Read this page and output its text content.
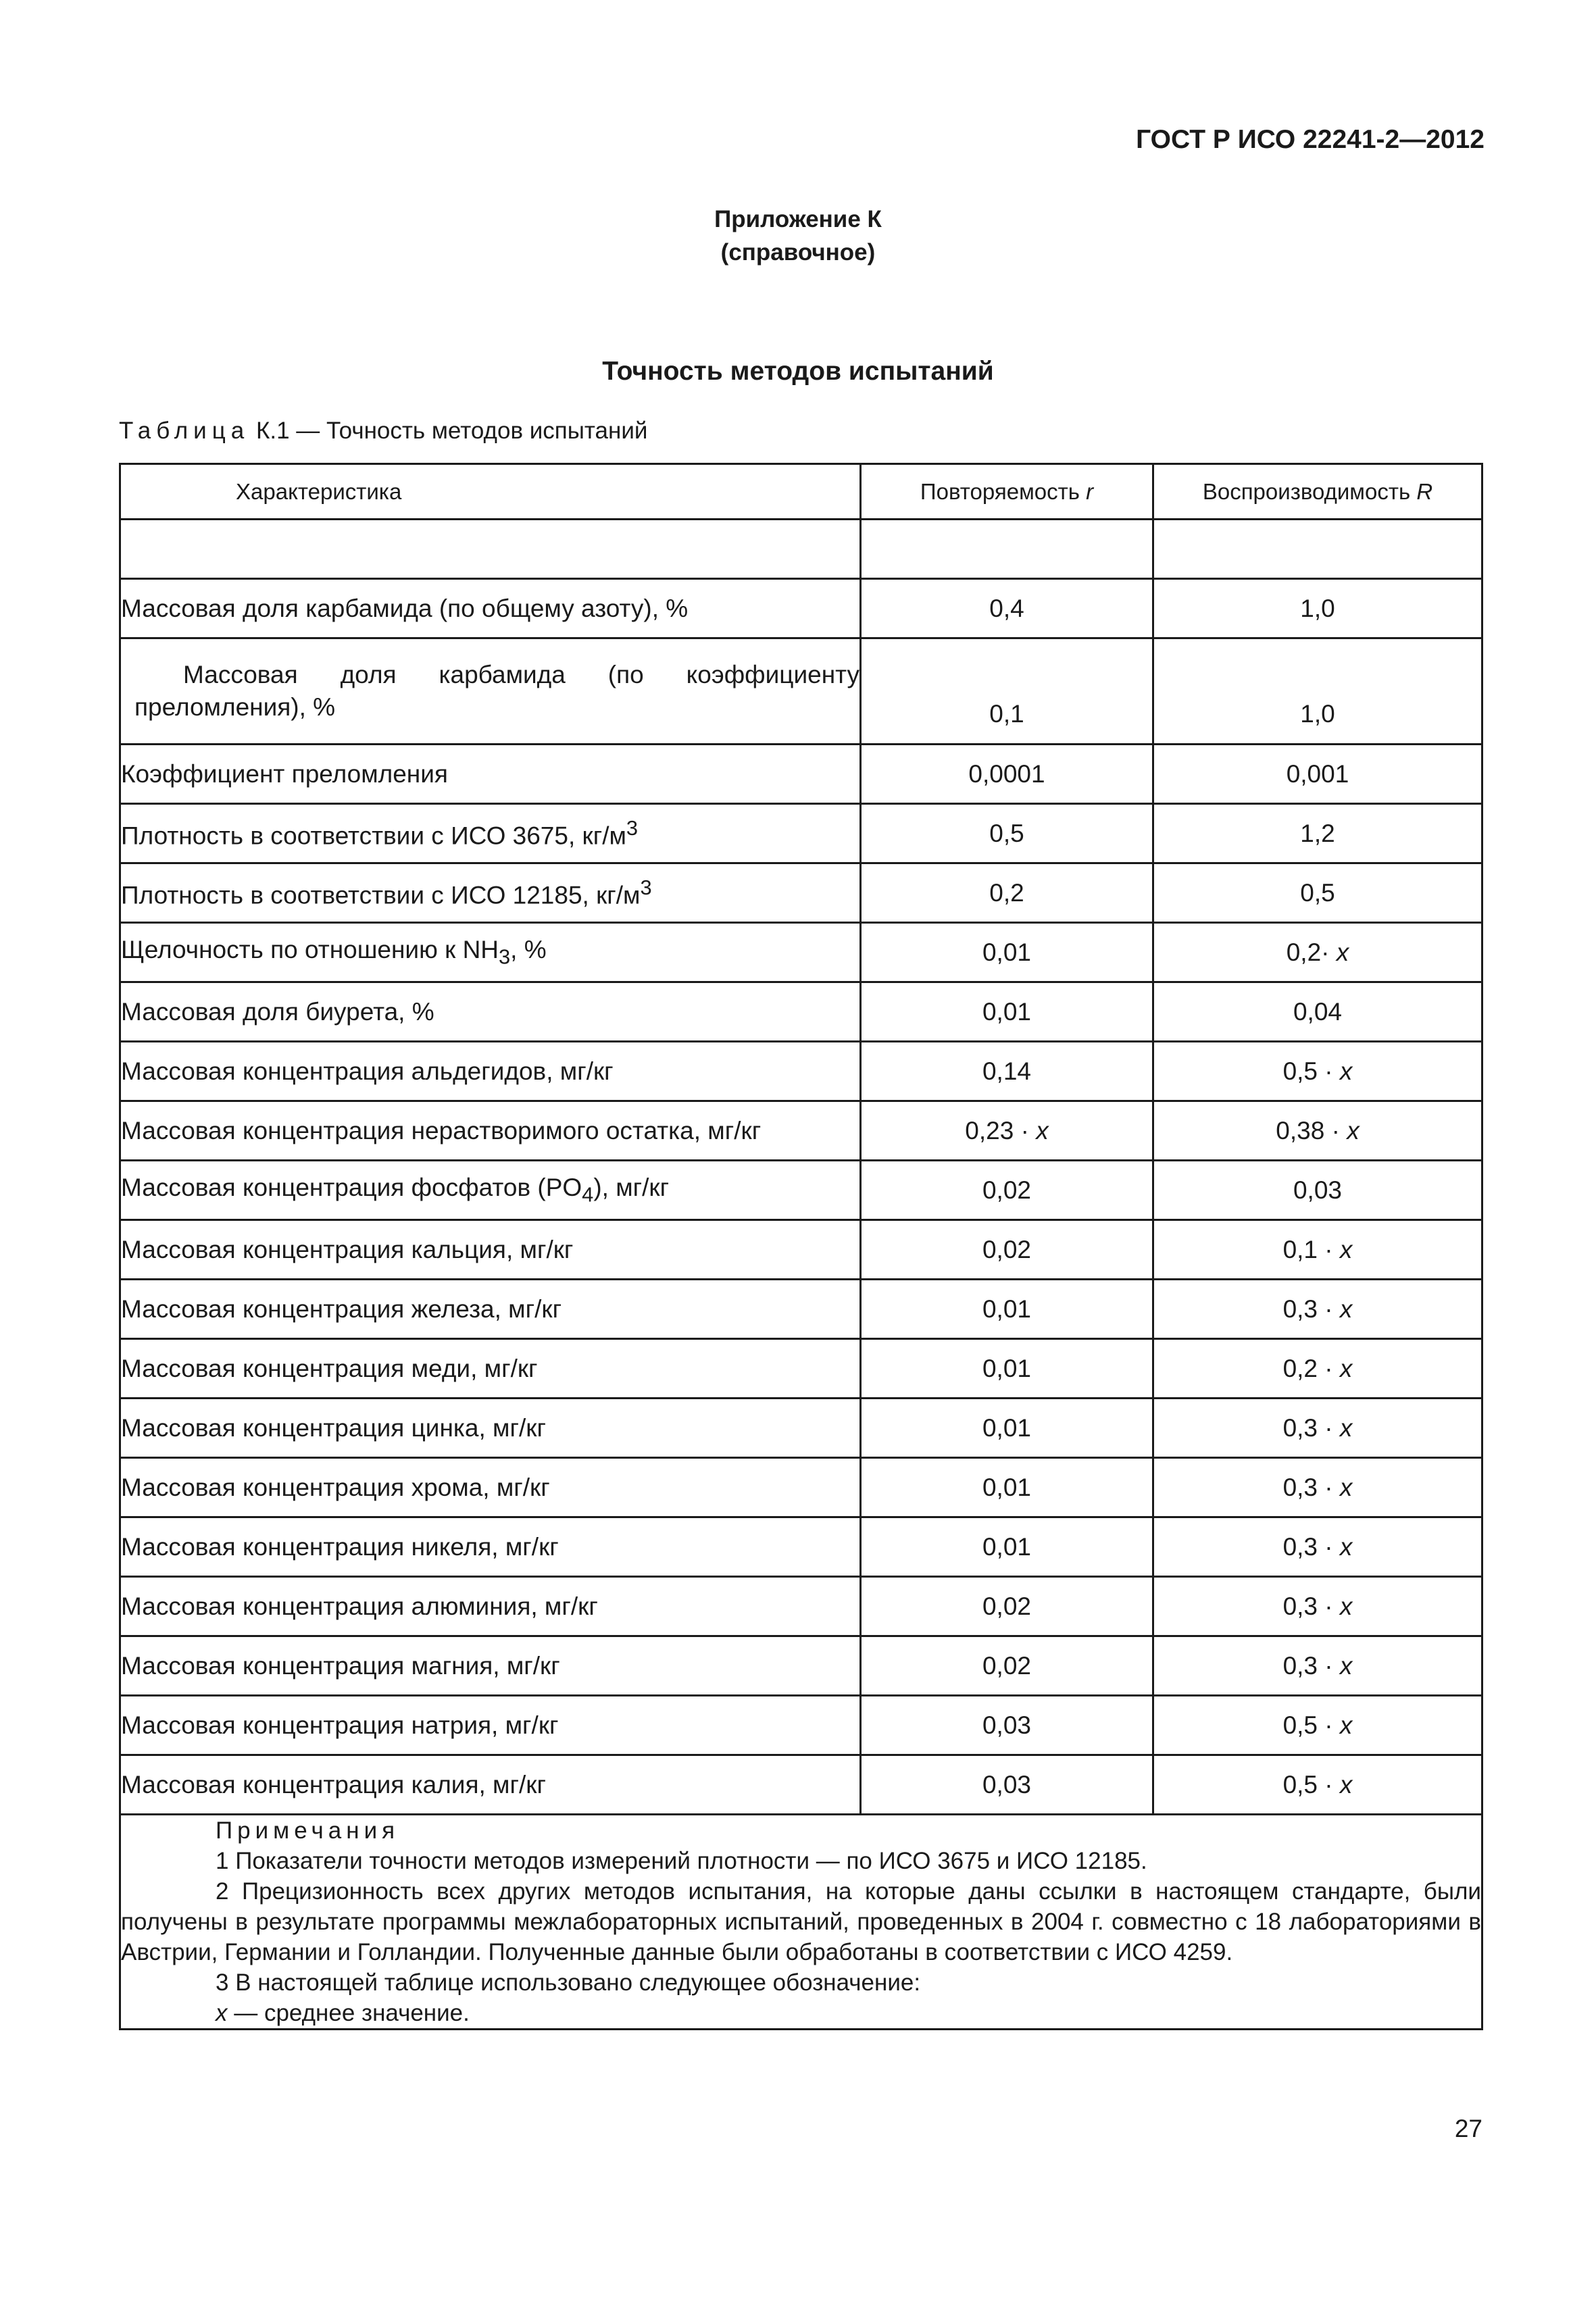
ГОСТ Р ИСО 22241-2—2012
Приложение К
(справочное)
Точность методов испытаний
Таблица К.1 — Точность методов испытаний
Характеристика	Повторяемость r	Воспроизводимость R

Массовая доля карбамида (по общему азоту), %	0,4	1,0
Массовая доля карбамида (по коэффициенту преломления), %	0,1	1,0
Коэффициент преломления	0,0001	0,001
Плотность в соответствии с ИСО 3675, $кг/м^3$	0,5	1,2
Плотность в соответствии с ИСО 12185, $кг/м^3$	0,2	0,5
Щелочность по отношению к $NH_3$, %	0,01	0,2· x
Массовая доля биурета, %	0,01	0,04
Массовая концентрация альдегидов, мг/кг	0,14	0,5 · x
Массовая концентрация нерастворимого остатка, мг/кг	0,23 · x	0,38 · x
Массовая концентрация фосфатов $(PO_4)$, мг/кг	0,02	0,03
Массовая концентрация кальция, мг/кг	0,02	0,1 · x
Массовая концентрация железа, мг/кг	0,01	0,3 · x
Массовая концентрация меди, мг/кг	0,01	0,2 · x
Массовая концентрация цинка, мг/кг	0,01	0,3 · x
Массовая концентрация хрома, мг/кг	0,01	0,3 · x
Массовая концентрация никеля, мг/кг	0,01	0,3 · x
Массовая концентрация алюминия, мг/кг	0,02	0,3 · x
Массовая концентрация магния, мг/кг	0,02	0,3 · x
Массовая концентрация натрия, мг/кг	0,03	0,5 · x
Массовая концентрация калия, мг/кг	0,03	0,5 · x

Примечания
1 Показатели точности методов измерений плотности — по ИСО 3675 и ИСО 12185.
2 Прецизионность всех других методов испытания, на которые даны ссылки в настоящем стандарте, были получены в результате программы межлабораторных испытаний, проведенных в 2004 г. совместно с 18 лабораториями в Австрии, Германии и Голландии. Полученные данные были обработаны в соответствии с ИСО 4259.
3 В настоящей таблице использовано следующее обозначение:
x — среднее значение.		
27
